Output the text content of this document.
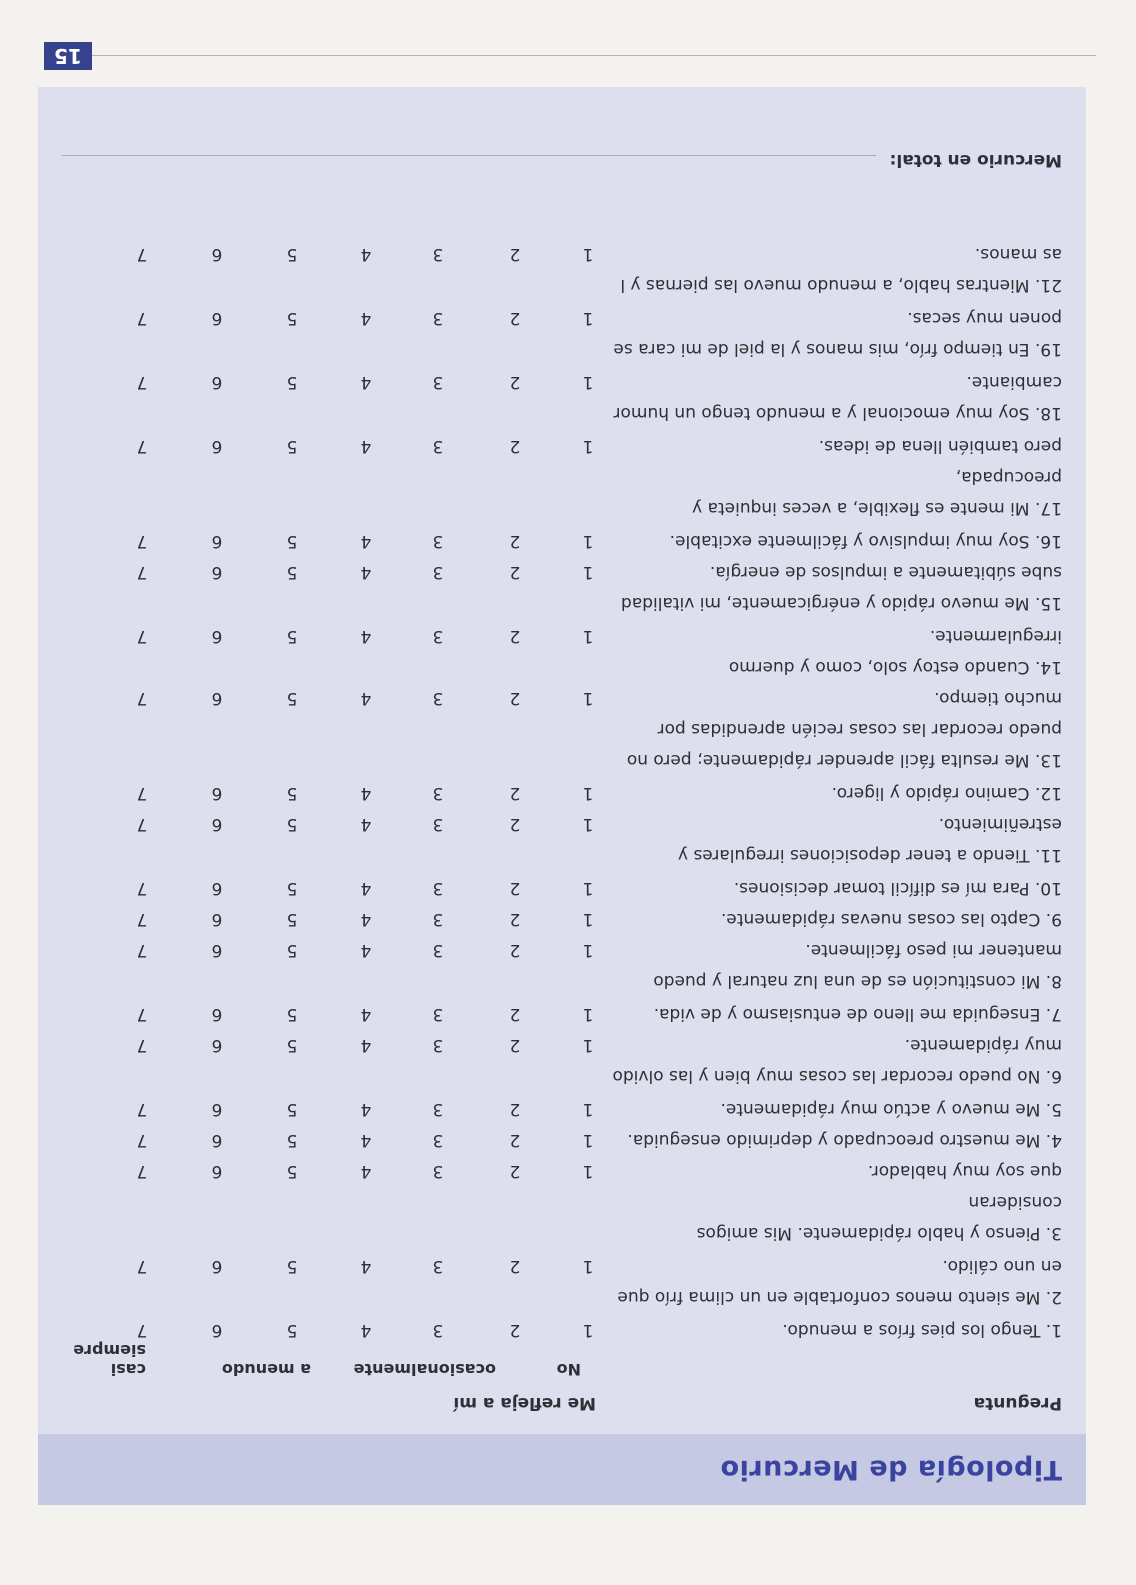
15
Tipología de Mercurio
Pregunta
Me refleja a mí
No
ocasionalmente
a menudo
casi siempre
1. Tengo los pies fríos a menudo.
1
2
3
4
5
6
7
2. Me siento menos confortable en un clima frío que
en uno cálido.
1
2
3
4
5
6
7
3. Pienso y hablo rápidamente. Mis amigos consideran
que soy muy hablador.
1
2
3
4
5
6
7
4. Me muestro preocupado y deprimido enseguida.
1
2
3
4
5
6
7
5. Me muevo y actúo muy rápidamente.
1
2
3
4
5
6
7
6. No puedo recordar las cosas muy bien y las olvido
muy rápidamente.
1
2
3
4
5
6
7
7. Enseguida me lleno de entusiasmo y de vida.
1
2
3
4
5
6
7
8. Mi constitución es de una luz natural y puedo
mantener mi peso fácilmente.
1
2
3
4
5
6
7
9. Capto las cosas nuevas rápidamente.
1
2
3
4
5
6
7
10. Para mí es difícil tomar decisiones.
1
2
3
4
5
6
7
11. Tiendo a tener deposiciones irregulares y
estreñimiento.
1
2
3
4
5
6
7
12. Camino rápido y ligero.
1
2
3
4
5
6
7
13. Me resulta fácil aprender rápidamente; pero no
puedo recordar las cosas recién aprendidas por
mucho tiempo.
1
2
3
4
5
6
7
14. Cuando estoy solo, como y duermo irregularmente.
1
2
3
4
5
6
7
15. Me muevo rápido y enérgicamente, mi vitalidad
sube súbitamente a impulsos de energía.
1
2
3
4
5
6
7
16. Soy muy impulsivo y fácilmente excitable.
1
2
3
4
5
6
7
17. Mi mente es flexible, a veces inquieta y preocupada,
pero también llena de ideas.
1
2
3
4
5
6
7
18. Soy muy emocional y a menudo tengo un humor
cambiante.
1
2
3
4
5
6
7
19. En tiempo frío, mis manos y la piel de mi cara se
ponen muy secas.
1
2
3
4
5
6
7
21. Mientras hablo, a menudo muevo las piernas y l
as manos.
1
2
3
4
5
6
7
Mercurio en total:
